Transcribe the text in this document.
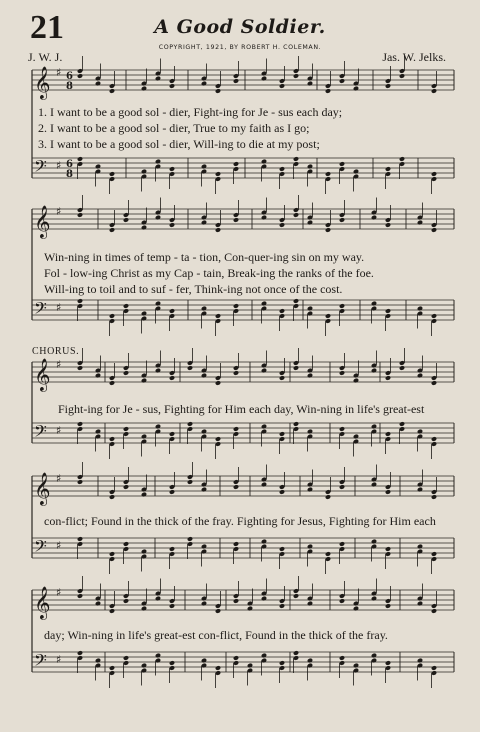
21	A Good Soldier.
COPYRIGHT, 1921, BY ROBERT H. COLEMAN.
J. W. J.	Jas. W. Jelks.
𝄞 ♯ 6
8
𝄢 ♯ 6
8
𝄞 ♯
𝄢 ♯
𝄞 ♯
𝄢 ♯
𝄞 ♯
𝄢 ♯
𝄞 ♯
𝄢 ♯
1. I want to be a good sol - dier, Fight-ing for Je - sus each day;
2. I want to be a good sol - dier, True to my faith as I go;
3. I want to be a good sol - dier, Will-ing to die at my post;
Win-ning in times of temp - ta - tion, Con-quer-ing sin on my way.
Fol - low-ing Christ as my Cap - tain, Break-ing the ranks of the foe.
Will-ing to toil and to suf - fer, Think-ing not once of the cost.
CHORUS.
Fight-ing for Je - sus, Fighting for Him each day, Win-ning in life's great-est
con-flict; Found in the thick of the fray. Fighting for Jesus, Fighting for Him each
day; Win-ning in life's great-est con-flict, Found in the thick of the fray.
